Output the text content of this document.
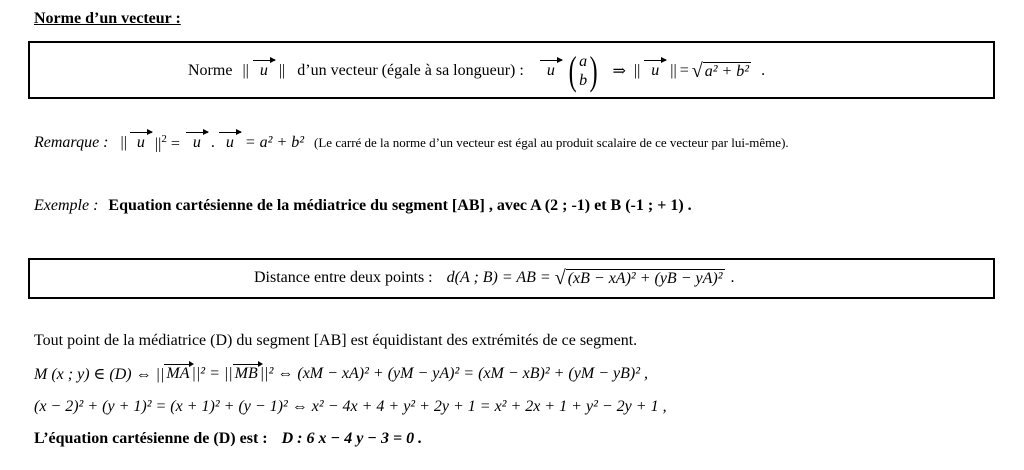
Norme d’un vecteur :
Norme || u || d’un vecteur (égale à sa longueur) :	u ( a
b ) ⇒ || u || = √ a² + b² .
Remarque : || u $||^2 = u$ . u = a² + b² (Le carré de la norme d’un vecteur est égal au produit scalaire de ce vecteur par lui-même).
Exemple : Equation cartésienne de la médiatrice du segment [AB] , avec A (2 ; -1) et B (-1 ; + 1) .
Distance entre deux points : d(A ; B) = AB = √ (xB − xA)² + (yB − yA)² .
Tout point de la médiatrice (D) du segment [AB] est équidistant des extrémités de ce segment.
M (x ; y) ∈ (D) ⇔ || MA ||² = || MB ||² ⇔ (xM − xA)² + (yM − yA)² = (xM − xB)² + (yM − yB)² ,
(x − 2)² + (y + 1)² = (x + 1)² + (y − 1)² ⇔ x² − 4x + 4 + y² + 2y + 1 = x² + 2x + 1 + y² − 2y + 1 ,
L’équation cartésienne de (D) est : D : 6 x − 4 y − 3 = 0 .
